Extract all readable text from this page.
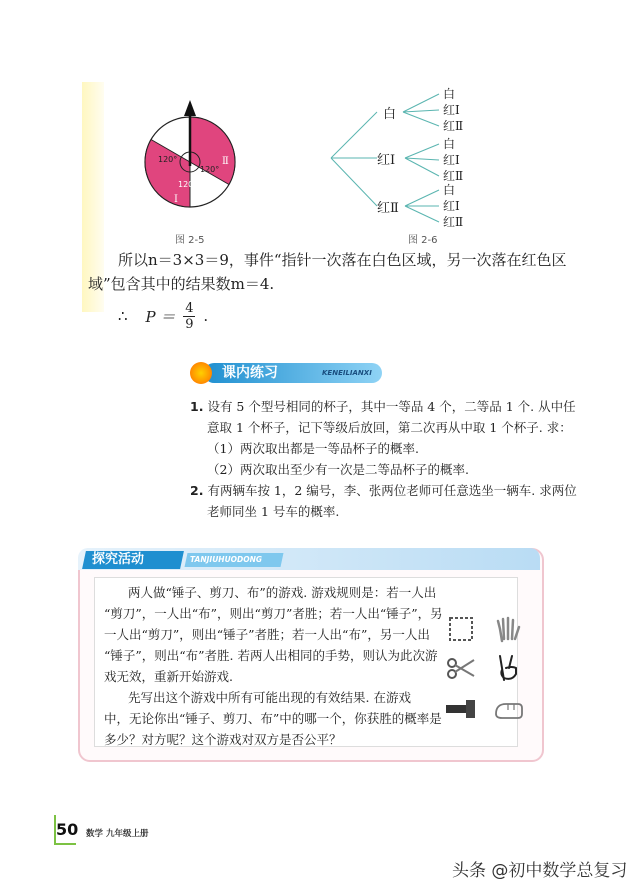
120°
120°
120°
Ⅰ
Ⅱ
图 2-5
白
红Ⅰ
红Ⅱ
白
红Ⅰ
红Ⅱ
白
红Ⅰ
红Ⅱ
白
红Ⅰ
红Ⅱ
图 2-6
所以n＝3×3＝9，事件“指针一次落在白色区域，另一次落在红色区
域”包含其中的结果数m＝4.
∴ P ＝ 4
9 .
课内练习	KENEILIANXI
1. 设有 5 个型号相同的杯子，其中一等品 4 个，二等品 1 个. 从中任
意取 1 个杯子，记下等级后放回，第二次再从中取 1 个杯子. 求：
（1）两次取出都是一等品杯子的概率.
（2）两次取出至少有一次是二等品杯子的概率.
2. 有两辆车按 1，2 编号，李、张两位老师可任意选坐一辆车. 求两位
老师同坐 1 号车的概率.
探究活动	TANJIUHUODONG
两人做“锤子、剪刀、布”的游戏. 游戏规则是：若一人出
“剪刀”，一人出“布”，则出“剪刀”者胜；若一人出“锤子”，另
一人出“剪刀”，则出“锤子”者胜；若一人出“布”，另一人出
“锤子”，则出“布”者胜. 若两人出相同的手势，则认为此次游
戏无效，重新开始游戏.
先写出这个游戏中所有可能出现的有效结果. 在游戏
中，无论你出“锤子、剪刀、布”中的哪一个，你获胜的概率是
多少？对方呢？这个游戏对双方是否公平？
50 数学 九年级上册
头条 @初中数学总复习
